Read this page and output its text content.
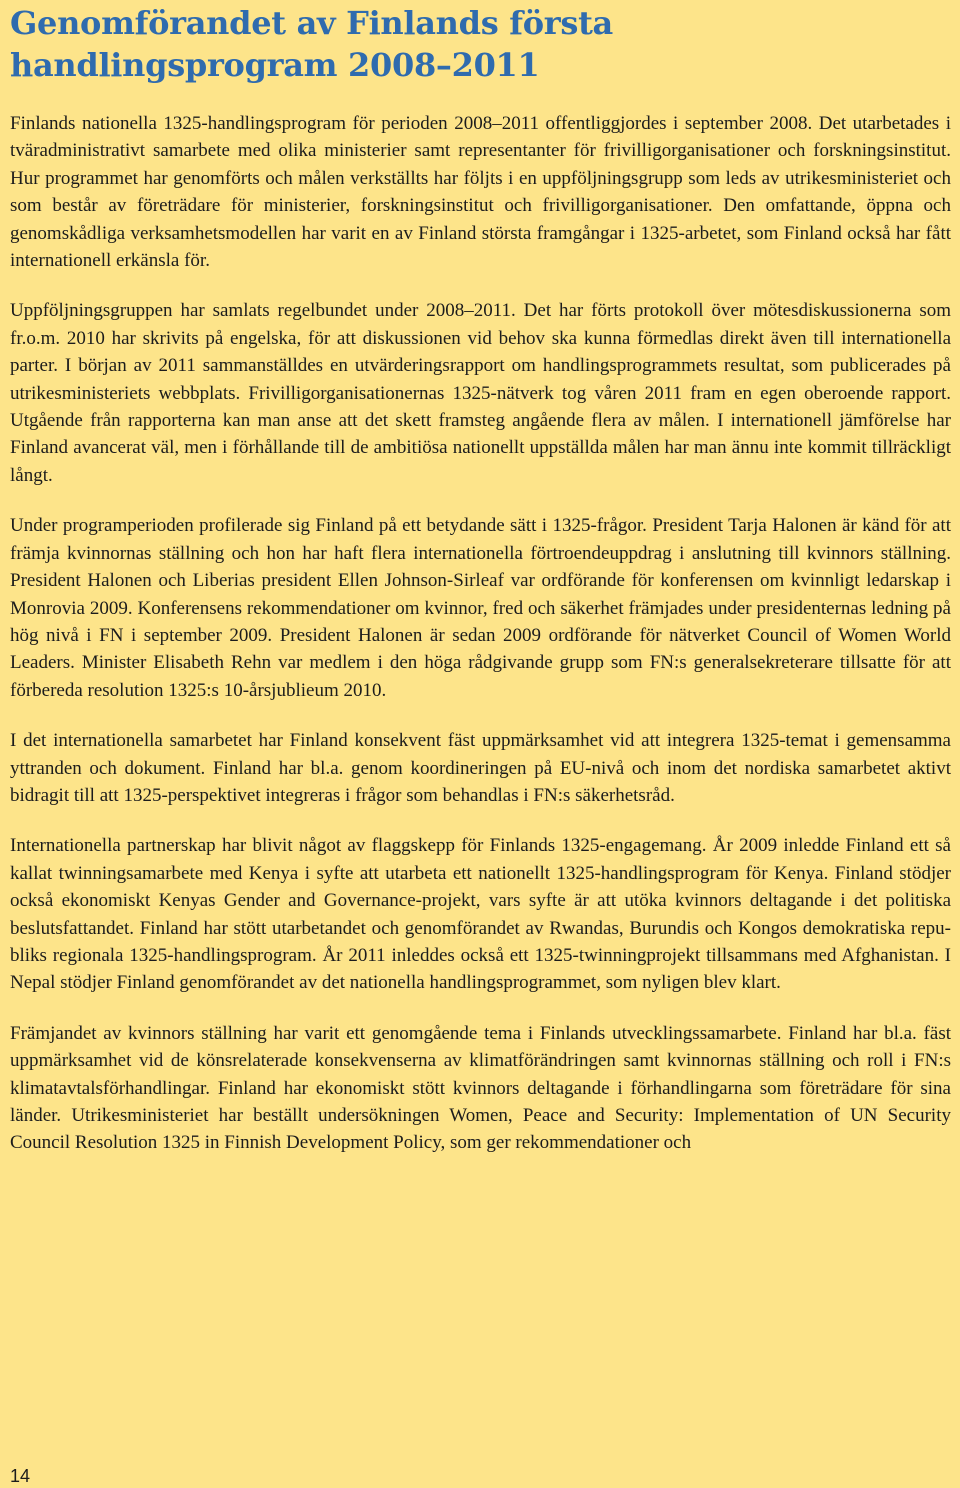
Genomförandet av Finlands första handlingsprogram 2008–2011

Finlands nationella 1325-handlingsprogram för perioden 2008–2011 offentliggjordes i september 2008. Det utarbetades i tväradministrativt samarbete med olika ministerier samt representanter för frivilligorganisationer och forskningsinstitut. Hur programmet har genomförts och målen verkställts har följts i en uppföljningsgrupp som leds av utrikesministeriet och som består av företrädare för ministerier, forskningsinstitut och frivilligorganisationer. Den omfattande, öppna och genomskådliga verksamhetsmodellen har varit en av Finland största framgångar i 1325-arbetet, som Finland också har fått internationell erkänsla för.

Uppföljningsgruppen har samlats regelbundet under 2008–2011. Det har förts protokoll över mötesdiskussionerna som fr.o.m. 2010 har skrivits på engelska, för att diskussionen vid behov ska kunna förmedlas direkt även till internationella parter. I början av 2011 sammanställdes en utvärderingsrapport om handlingsprogrammets resultat, som publicerades på utrikesministeriets webbplats. Frivilligorganisationernas 1325-nätverk tog våren 2011 fram en egen oberoende rapport. Utgående från rapporterna kan man anse att det skett framsteg angående flera av målen. I internationell jämförelse har Finland avancerat väl, men i förhållande till de ambitiösa nationellt uppställda målen har man ännu inte kommit tillräckligt långt.

Under programperioden profilerade sig Finland på ett betydande sätt i 1325-frågor. President Tarja Halonen är känd för att främja kvinnornas ställning och hon har haft flera internationella förtroendeuppdrag i anslutning till kvinnors ställning. President Halonen och Liberias president Ellen Johnson-Sirleaf var ordförande för konferensen om kvinnligt ledarskap i Monrovia 2009. Konferensens rekommendationer om kvinnor, fred och säkerhet främjades under presidenternas ledning på hög nivå i FN i september 2009. President Halonen är sedan 2009 ordförande för nätverket Council of Women World Leaders. Minister Elisabeth Rehn var medlem i den höga rådgivande grupp som FN:s generalsekreterare tillsatte för att förbereda resolution 1325:s 10-årsjublieum 2010.

I det internationella samarbetet har Finland konsekvent fäst uppmärksamhet vid att integrera 1325-temat i gemensamma yttranden och dokument. Finland har bl.a. genom koordineringen på EU-nivå och inom det nordiska samarbetet aktivt bidragit till att 1325-perspektivet integreras i frågor som behandlas i FN:s säkerhetsråd.

Internationella partnerskap har blivit något av flaggskepp för Finlands 1325-engagemang. År 2009 inledde Finland ett så kallat twinningsamarbete med Kenya i syfte att utarbeta ett nationellt 1325-handlingsprogram för Kenya. Finland stödjer också ekonomiskt Kenyas Gender and Governance-projekt, vars syfte är att utöka kvinnors deltagande i det politiska beslutsfattandet. Finland har stött utarbetandet och genomförandet av Rwandas, Burundis och Kongos demokratiska republiks regionala 1325-handlingsprogram. År 2011 inleddes också ett 1325-twinningprojekt tillsammans med Afghanistan. I Nepal stödjer Finland genomförandet av det nationella handlingsprogrammet, som nyligen blev klart.

Främjandet av kvinnors ställning har varit ett genomgående tema i Finlands utvecklingssamarbete. Finland har bl.a. fäst uppmärksamhet vid de könsrelaterade konsekvenserna av klimatförändringen samt kvinnornas ställning och roll i FN:s klimatavtalsförhandlingar. Finland har ekonomiskt stött kvinnors deltagande i förhandlingarna som företrädare för sina länder. Utrikesministeriet har beställt undersökningen Women, Peace and Security: Implementation of UN Security Council Resolution 1325 in Finnish Development Policy, som ger rekommendationer och

14
